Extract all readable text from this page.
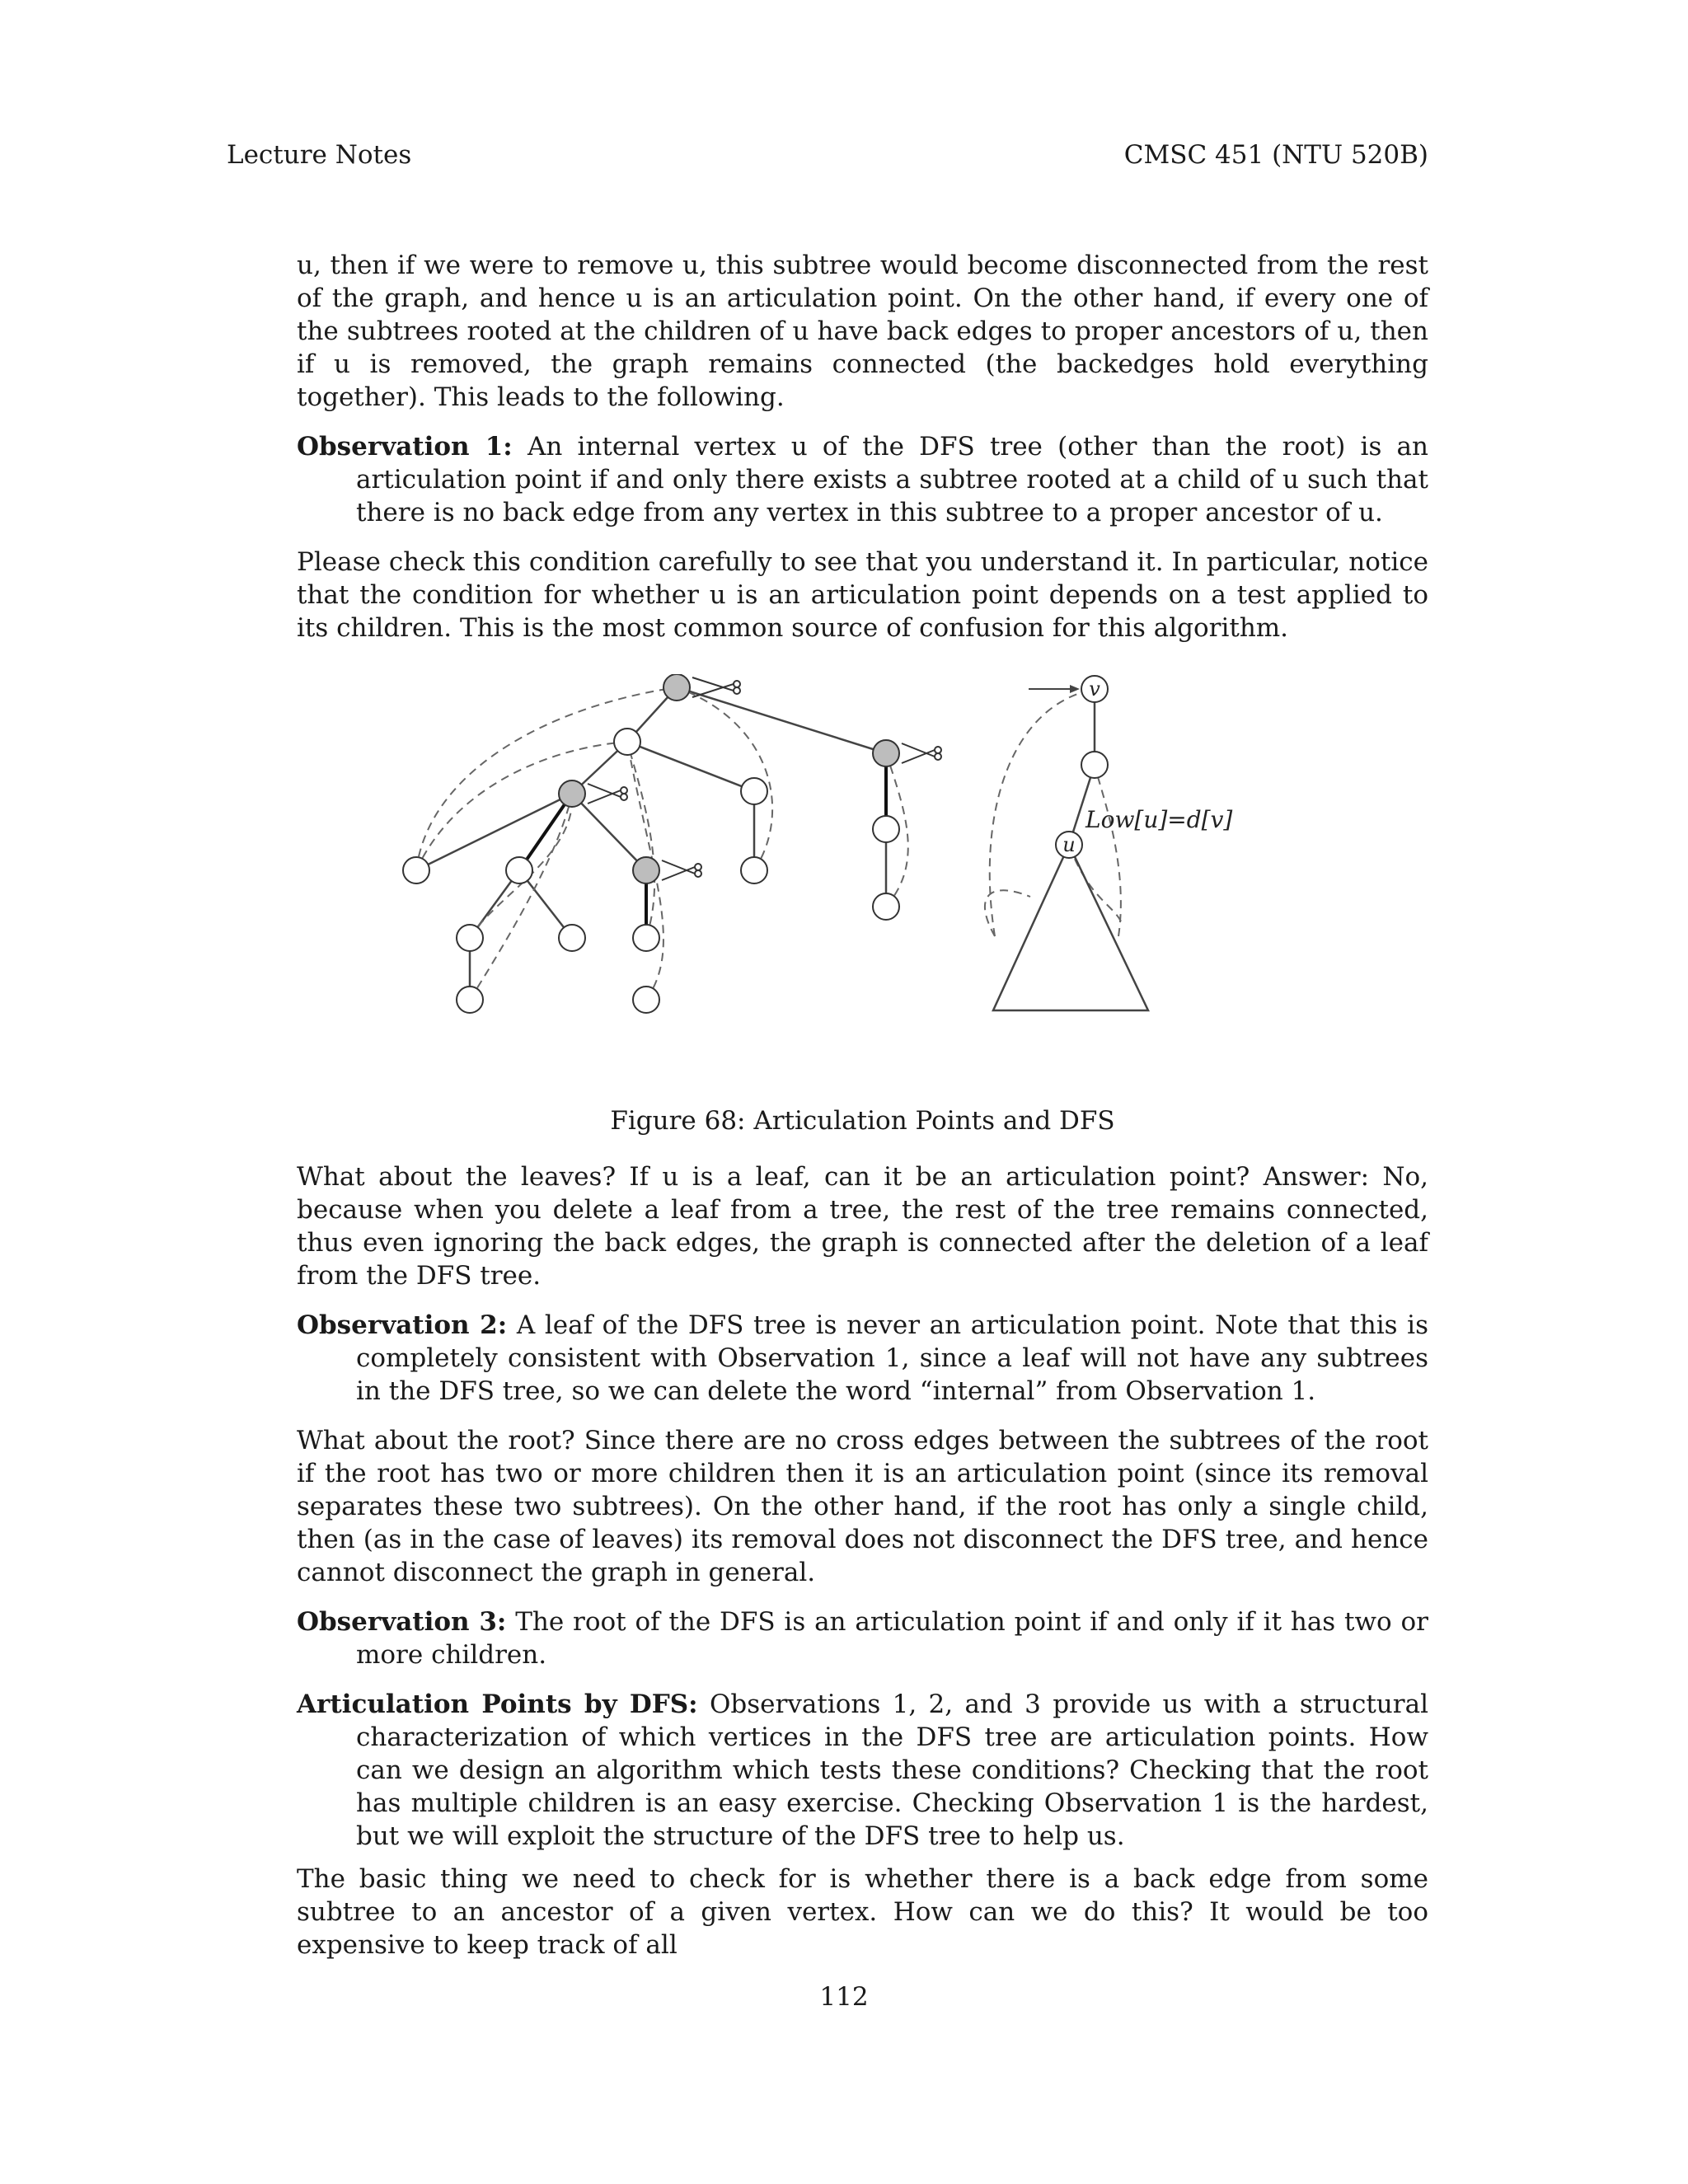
Lecture Notes	CMSC 451 (NTU 520B)

u, then if we were to remove u, this subtree would become disconnected from the rest of the graph, and hence u is an articulation point. On the other hand, if every one of the subtrees rooted at the children of u have back edges to proper ancestors of u, then if u is removed, the graph remains connected (the backedges hold everything together). This leads to the following.

Observation 1: An internal vertex u of the DFS tree (other than the root) is an articulation point if and only there exists a subtree rooted at a child of u such that there is no back edge from any vertex in this subtree to a proper ancestor of u.

Please check this condition carefully to see that you understand it. In particular, notice that the condition for whether u is an articulation point depends on a test applied to its children. This is the most common source of confusion for this algorithm.

v
u
Low[u]=d[v]

Figure 68: Articulation Points and DFS

What about the leaves? If u is a leaf, can it be an articulation point? Answer: No, because when you delete a leaf from a tree, the rest of the tree remains connected, thus even ignoring the back edges, the graph is connected after the deletion of a leaf from the DFS tree.

Observation 2: A leaf of the DFS tree is never an articulation point. Note that this is completely consistent with Observation 1, since a leaf will not have any subtrees in the DFS tree, so we can delete the word “internal” from Observation 1.

What about the root? Since there are no cross edges between the subtrees of the root if the root has two or more children then it is an articulation point (since its removal separates these two subtrees). On the other hand, if the root has only a single child, then (as in the case of leaves) its removal does not disconnect the DFS tree, and hence cannot disconnect the graph in general.

Observation 3: The root of the DFS is an articulation point if and only if it has two or more children.

Articulation Points by DFS: Observations 1, 2, and 3 provide us with a structural characterization of which vertices in the DFS tree are articulation points. How can we design an algorithm which tests these conditions? Checking that the root has multiple children is an easy exercise. Checking Observation 1 is the hardest, but we will exploit the structure of the DFS tree to help us.

The basic thing we need to check for is whether there is a back edge from some subtree to an ancestor of a given vertex. How can we do this? It would be too expensive to keep track of all

112
